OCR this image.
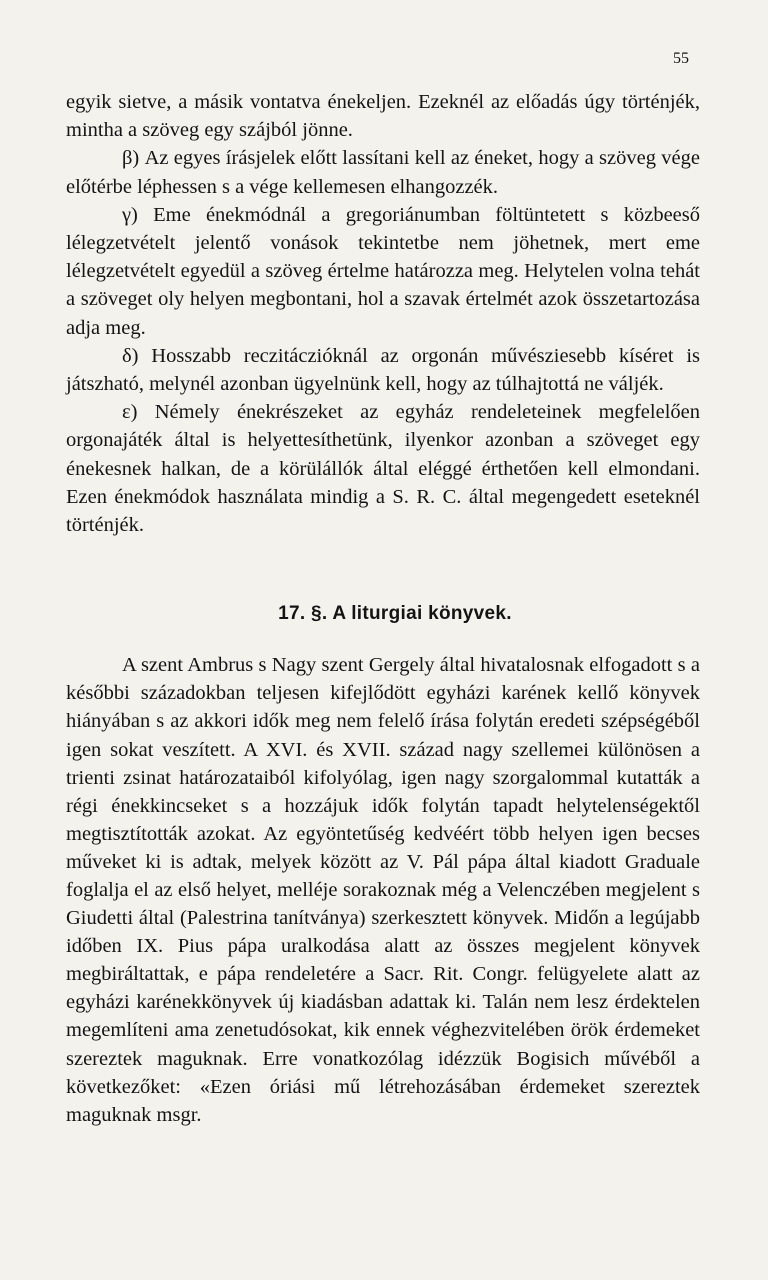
55

egyik sietve, a másik vontatva énekeljen. Ezeknél az előadás úgy történjék, mintha a szöveg egy szájból jönne.

β) Az egyes írásjelek előtt lassítani kell az éneket, hogy a szöveg vége előtérbe léphessen s a vége kellemesen elhangozzék.

γ) Eme énekmódnál a gregoriánumban föltüntetett s közbeeső lélegzetvételt jelentő vonások tekintetbe nem jöhetnek, mert eme lélegzetvételt egyedül a szöveg értelme határozza meg. Helytelen volna tehát a szöveget oly helyen megbontani, hol a szavak értelmét azok összetartozása adja meg.

δ) Hosszabb reczitáczióknál az orgonán művésziesebb kíséret is játszható, melynél azonban ügyelnünk kell, hogy az túlhajtottá ne váljék.

ε) Némely énekrészeket az egyház rendeleteinek megfelelően orgonajáték által is helyettesíthetünk, ilyenkor azonban a szöveget egy énekesnek halkan, de a körülállók által eléggé érthetően kell elmondani. Ezen énekmódok használata mindig a S. R. C. által megengedett eseteknél történjék.

17. §. A liturgiai könyvek.

A szent Ambrus s Nagy szent Gergely által hivatalosnak elfogadott s a későbbi századokban teljesen kifejlődött egyházi karének kellő könyvek hiányában s az akkori idők meg nem felelő írása folytán eredeti szépségéből igen sokat veszített. A XVI. és XVII. század nagy szellemei különösen a trienti zsinat határozataiból kifolyólag, igen nagy szorgalommal kutatták a régi énekkincseket s a hozzájuk idők folytán tapadt helytelenségektől megtisztították azokat. Az egyöntetűség kedvéért több helyen igen becses műveket ki is adtak, melyek között az V. Pál pápa által kiadott Graduale foglalja el az első helyet, melléje sorakoznak még a Velenczében megjelent s Giudetti által (Palestrina tanítványa) szerkesztett könyvek. Midőn a legújabb időben IX. Pius pápa uralkodása alatt az összes megjelent könyvek megbiráltattak, e pápa rendeletére a Sacr. Rit. Congr. felügyelete alatt az egyházi karénekkönyvek új kiadásban adattak ki. Talán nem lesz érdektelen megemlíteni ama zenetudósokat, kik ennek véghezvitelében örök érdemeket szereztek maguknak. Erre vonatkozólag idézzük Bogisich művéből a következőket: «Ezen óriási mű létrehozásában érdemeket szereztek maguknak msgr.
